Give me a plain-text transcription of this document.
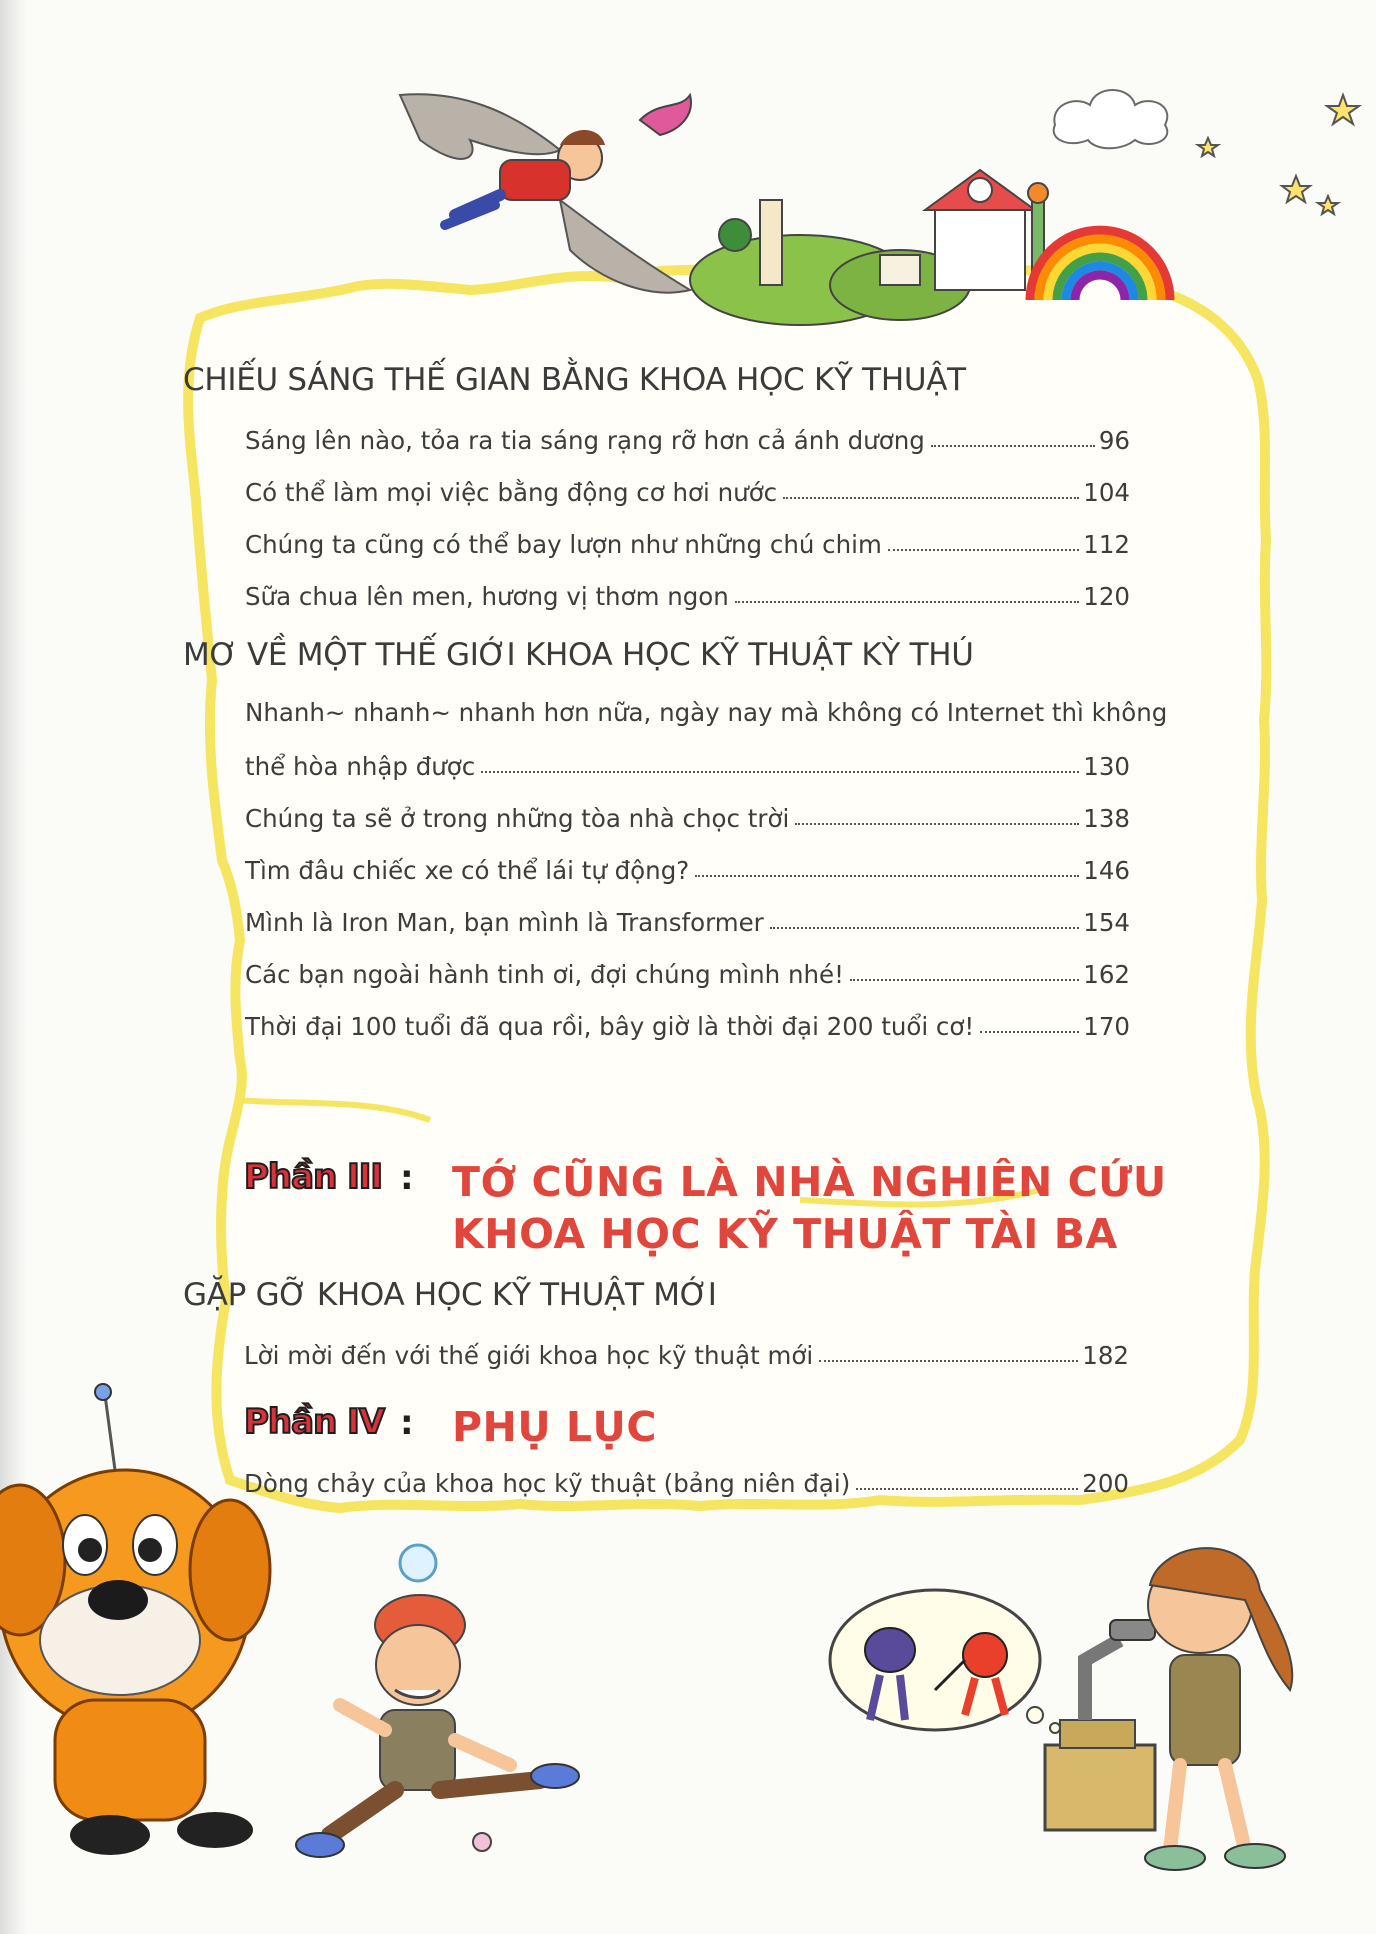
CHIẾU SÁNG THẾ GIAN BẰNG KHOA HỌC KỸ THUẬT
Sáng lên nào, tỏa ra tia sáng rạng rỡ hơn cả ánh dương	96
Có thể làm mọi việc bằng động cơ hơi nước	104
Chúng ta cũng có thể bay lượn như những chú chim	112
Sữa chua lên men, hương vị thơm ngon	120
MƠ VỀ MỘT THẾ GIỚI KHOA HỌC KỸ THUẬT KỲ THÚ
Nhanh~ nhanh~ nhanh hơn nữa, ngày nay mà không có Internet thì không
thể hòa nhập được	130
Chúng ta sẽ ở trong những tòa nhà chọc trời	138
Tìm đâu chiếc xe có thể lái tự động?	146
Mình là Iron Man, bạn mình là Transformer	154
Các bạn ngoài hành tinh ơi, đợi chúng mình nhé!	162
Thời đại 100 tuổi đã qua rồi, bây giờ là thời đại 200 tuổi cơ!	170
Phần III : TỚ CŨNG LÀ NHÀ NGHIÊN CỨU
KHOA HỌC KỸ THUẬT TÀI BA
GẶP GỠ KHOA HỌC KỸ THUẬT MỚI
Lời mời đến với thế giới khoa học kỹ thuật mới	182
Phần IV : PHỤ LỤC
Dòng chảy của khoa học kỹ thuật (bảng niên đại)	200
